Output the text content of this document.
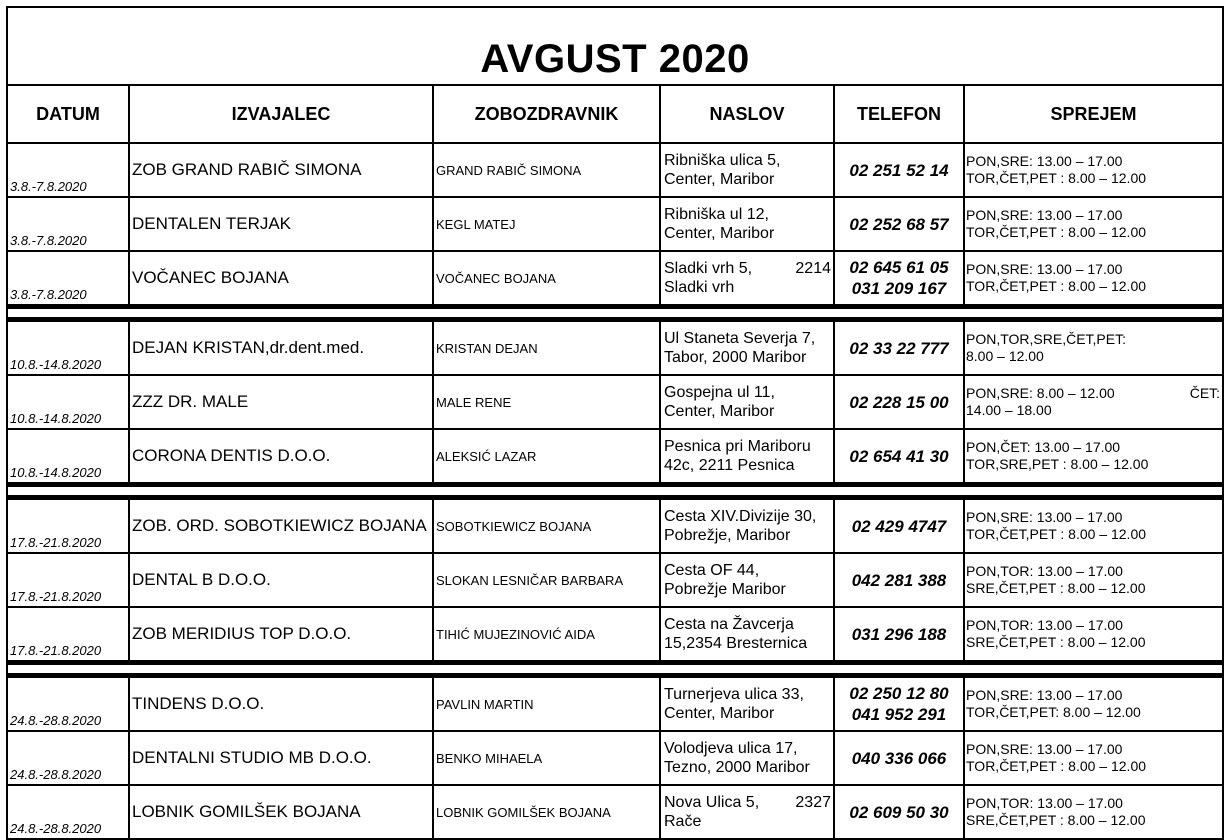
AVGUST 2020					
DATUM	IZVAJALEC	ZOBOZDRAVNIK	NASLOV	TELEFON	SPREJEM
3.8.-7.8.2020	ZOB GRAND RABIČ SIMONA	GRAND RABIČ SIMONA	Ribniška ulica 5,
Center, Maribor	02 251 52 14	PON,SRE: 13.00 – 17.00
TOR,ČET,PET : 8.00 – 12.00

3.8.-7.8.2020	DENTALEN TERJAK	KEGL MATEJ	Ribniška ul 12,
Center, Maribor	02 252 68 57	PON,SRE: 13.00 – 17.00
TOR,ČET,PET : 8.00 – 12.00

3.8.-7.8.2020	VOČANEC BOJANA	VOČANEC BOJANA	Sladki vrh 5, 2214
Sladki vrh	02 645 61 05
031 209 167	PON,SRE: 13.00 – 17.00
TOR,ČET,PET : 8.00 – 12.00

10.8.-14.8.2020	DEJAN KRISTAN,dr.dent.med.	KRISTAN DEJAN	Ul Staneta Severja 7,
Tabor, 2000 Maribor	02 33 22 777	PON,TOR,SRE,ČET,PET:
8.00 – 12.00

10.8.-14.8.2020	ZZZ DR. MALE	MALE RENE	Gospejna ul 11,
Center, Maribor	02 228 15 00	PON,SRE: 8.00 – 12.00 ČET:
14.00 – 18.00

10.8.-14.8.2020	CORONA DENTIS D.O.O.	ALEKSIĆ LAZAR	Pesnica pri Mariboru
42c, 2211 Pesnica	02 654 41 30	PON,ČET: 13.00 – 17.00
TOR,SRE,PET : 8.00 – 12.00

17.8.-21.8.2020	ZOB. ORD. SOBOTKIEWICZ BOJANA	SOBOTKIEWICZ BOJANA	Cesta XIV.Divizije 30,
Pobrežje, Maribor	02 429 4747	PON,SRE: 13.00 – 17.00
TOR,ČET,PET : 8.00 – 12.00

17.8.-21.8.2020	DENTAL B D.O.O.	SLOKAN LESNIČAR BARBARA	Cesta OF 44,
Pobrežje Maribor	042 281 388	PON,TOR: 13.00 – 17.00
SRE,ČET,PET : 8.00 – 12.00

17.8.-21.8.2020	ZOB MERIDIUS TOP D.O.O.	TIHIĆ MUJEZINOVIĆ AIDA	Cesta na Žavcerja
15,2354 Bresternica	031 296 188	PON,TOR: 13.00 – 17.00
SRE,ČET,PET : 8.00 – 12.00

24.8.-28.8.2020	TINDENS D.O.O.	PAVLIN MARTIN	Turnerjeva ulica 33,
Center, Maribor	02 250 12 80
041 952 291	PON,SRE: 13.00 – 17.00
TOR,ČET,PET: 8.00 – 12.00

24.8.-28.8.2020	DENTALNI STUDIO MB D.O.O.	BENKO MIHAELA	Volodjeva ulica 17,
Tezno, 2000 Maribor	040 336 066	PON,SRE: 13.00 – 17.00
TOR,ČET,PET : 8.00 – 12.00

24.8.-28.8.2020	LOBNIK GOMILŠEK BOJANA	LOBNIK GOMILŠEK BOJANA	Nova Ulica 5, 2327
Rače	02 609 50 30	PON,TOR: 13.00 – 17.00
SRE,ČET,PET : 8.00 – 12.00
